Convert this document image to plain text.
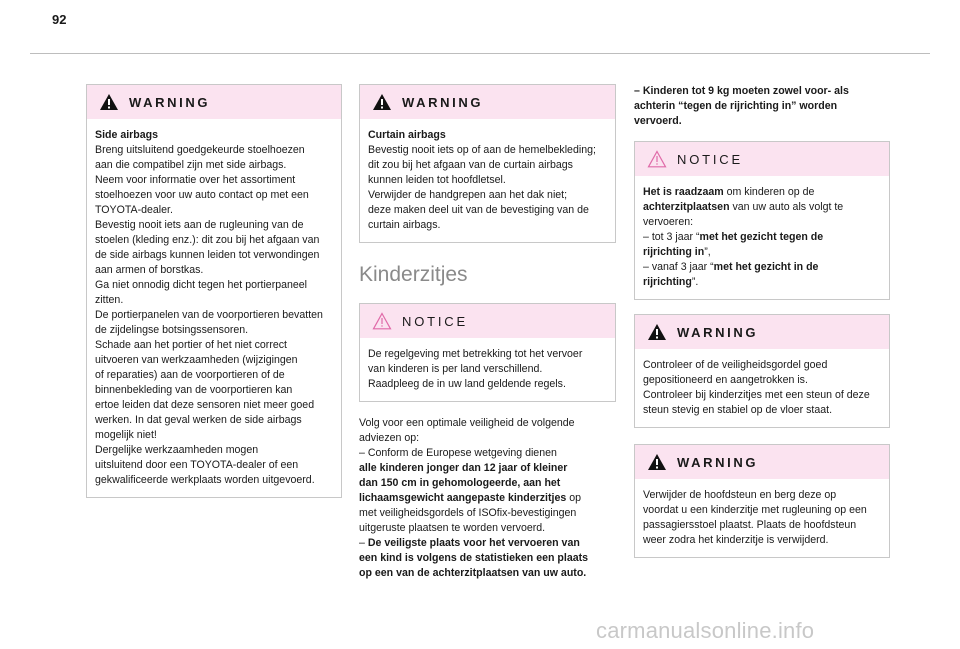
92
WARNING

Side airbags

Breng uitsluitend goedgekeurde stoelhoezen

aan die compatibel zijn met side airbags.

Neem voor informatie over het assortiment

stoelhoezen voor uw auto contact op met een

TOYOTA-dealer.

Bevestig nooit iets aan de rugleuning van de

stoelen (kleding enz.): dit zou bij het afgaan van

de side airbags kunnen leiden tot verwondingen

aan armen of borstkas.

Ga niet onnodig dicht tegen het portierpaneel

zitten.

De portierpanelen van de voorportieren bevatten

de zijdelingse botsingssensoren.

Schade aan het portier of het niet correct

uitvoeren van werkzaamheden (wijzigingen

of reparaties) aan de voorportieren of de

binnenbekleding van de voorportieren kan

ertoe leiden dat deze sensoren niet meer goed

werken. In dat geval werken de side airbags

mogelijk niet!

Dergelijke werkzaamheden mogen

uitsluitend door een TOYOTA-dealer of een

gekwalificeerde werkplaats worden uitgevoerd.

WARNING

Curtain airbags

Bevestig nooit iets op of aan de hemelbekleding;

dit zou bij het afgaan van de curtain airbags

kunnen leiden tot hoofdletsel.

Verwijder de handgrepen aan het dak niet;

deze maken deel uit van de bevestiging van de

curtain airbags.

Kinderzitjes
NOTICE

De regelgeving met betrekking tot het vervoer

van kinderen is per land verschillend.

Raadpleeg de in uw land geldende regels.

Volg voor een optimale veiligheid de volgende

adviezen op:

– Conform de Europese wetgeving dienen

alle kinderen jonger dan 12 jaar of kleiner

dan 150 cm in gehomologeerde, aan het

lichaamsgewicht aangepaste kinderzitjes op

met veiligheidsgordels of ISOfix-bevestigingen

uitgeruste plaatsen te worden vervoerd.

– De veiligste plaats voor het vervoeren van

een kind is volgens de statistieken een plaats

op een van de achterzitplaatsen van uw auto.

– Kinderen tot 9 kg moeten zowel voor- als

achterin “tegen de rijrichting in” worden

vervoerd.

NOTICE

Het is raadzaam om kinderen op de

achterzitplaatsen van uw auto als volgt te

vervoeren:

– tot 3 jaar “met het gezicht tegen de

rijrichting in”,

– vanaf 3 jaar “met het gezicht in de

rijrichting”.

WARNING

Controleer of de veiligheidsgordel goed

gepositioneerd en aangetrokken is.

Controleer bij kinderzitjes met een steun of deze

steun stevig en stabiel op de vloer staat.

WARNING

Verwijder de hoofdsteun en berg deze op

voordat u een kinderzitje met rugleuning op een

passagiersstoel plaatst. Plaats de hoofdsteun

weer zodra het kinderzitje is verwijderd.

carmanualsonline.info
